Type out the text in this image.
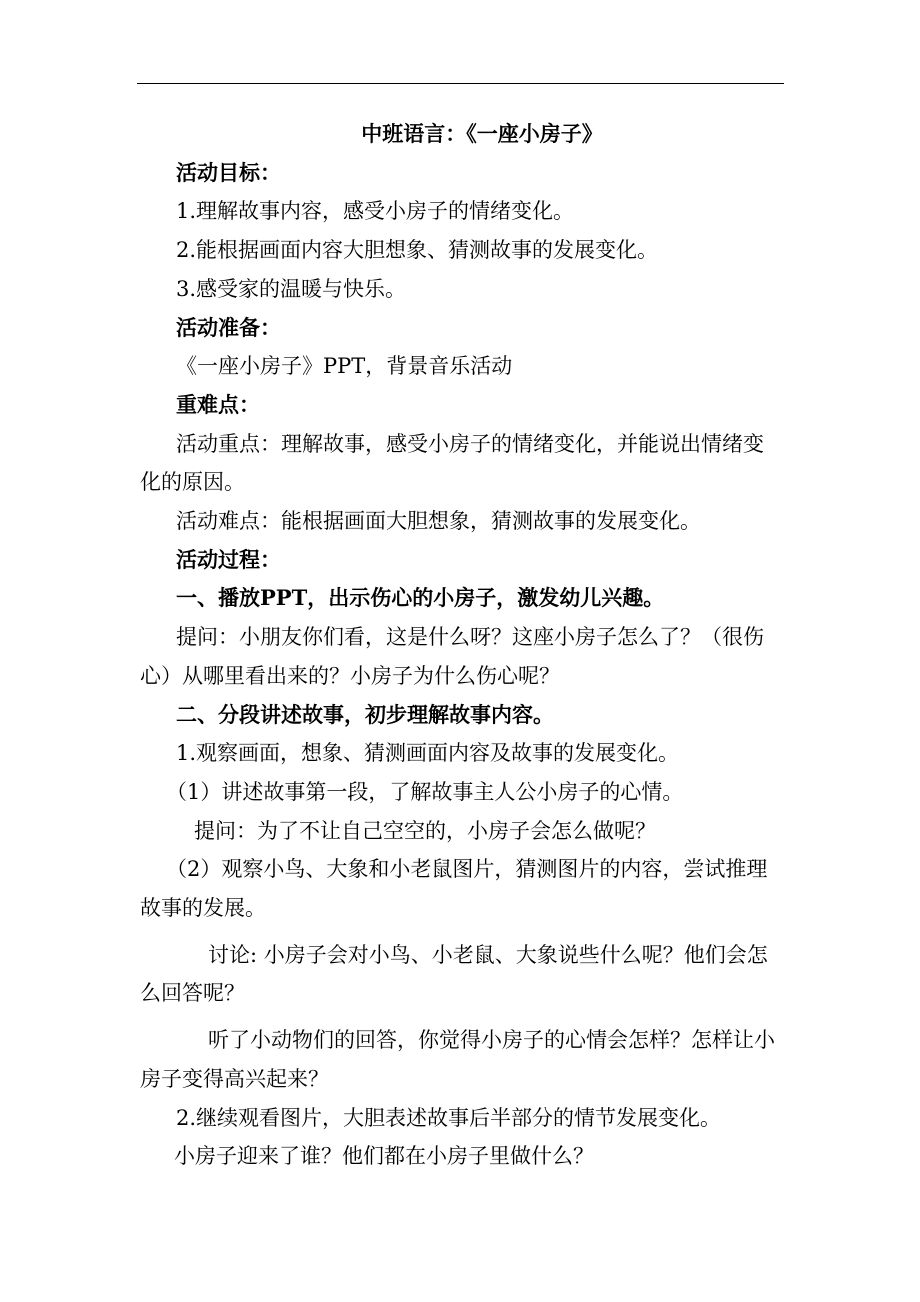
中班语言：《一座小房子》

活动目标：

1.理解故事内容，感受小房子的情绪变化。

2.能根据画面内容大胆想象、猜测故事的发展变化。

3.感受家的温暖与快乐。

活动准备：

《一座小房子》PPT，背景音乐活动

重难点：

活动重点：理解故事，感受小房子的情绪变化，并能说出情绪变化的原因。

活动难点：能根据画面大胆想象，猜测故事的发展变化。

活动过程：

一、播放PPT，出示伤心的小房子，激发幼儿兴趣。

提问：小朋友你们看，这是什么呀？这座小房子怎么了？（很伤心）从哪里看出来的？小房子为什么伤心呢？

二、分段讲述故事，初步理解故事内容。

1.观察画面，想象、猜测画面内容及故事的发展变化。

（1）讲述故事第一段，了解故事主人公小房子的心情。

提问：为了不让自己空空的，小房子会怎么做呢？

（2）观察小鸟、大象和小老鼠图片，猜测图片的内容，尝试推理故事的发展。

讨论: 小房子会对小鸟、小老鼠、大象说些什么呢？他们会怎么回答呢？

听了小动物们的回答，你觉得小房子的心情会怎样？怎样让小房子变得高兴起来？

2.继续观看图片，大胆表述故事后半部分的情节发展变化。

小房子迎来了谁？他们都在小房子里做什么？
